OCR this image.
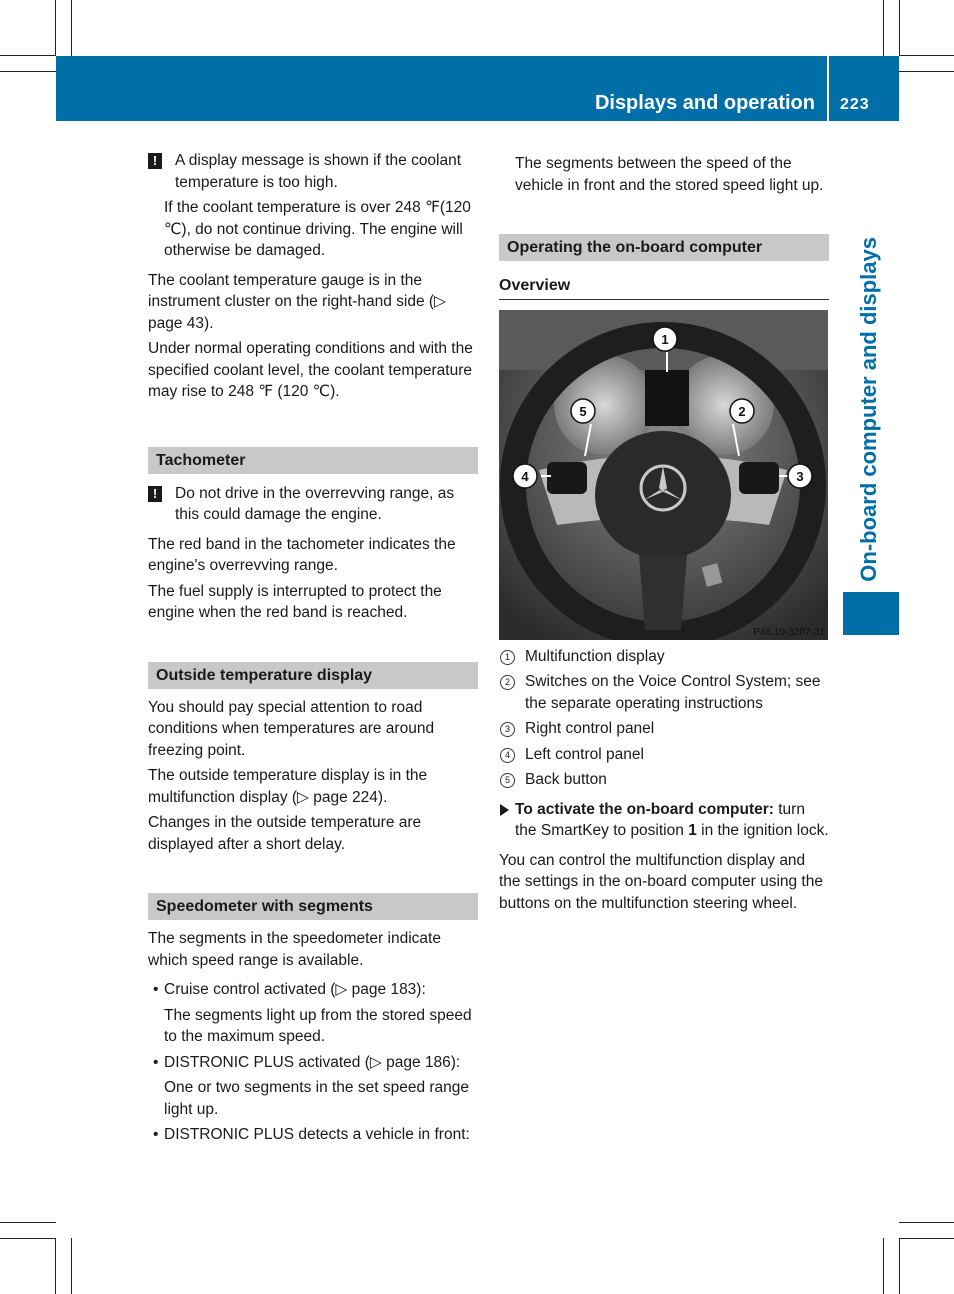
Displays and operation 223
On-board computer and displays
!	A display message is shown if the coolant temperature is too high.

If the coolant temperature is over 248 ℉(120 ℃), do not continue driving. The engine will otherwise be damaged.

The coolant temperature gauge is in the instrument cluster on the right-hand side (▷ page 43).

Under normal operating conditions and with the specified coolant level, the coolant temperature may rise to 248 ℉ (120 ℃).

Tachometer
!	Do not drive in the overrevving range, as this could damage the engine.

The red band in the tachometer indicates the engine's overrevving range.

The fuel supply is interrupted to protect the engine when the red band is reached.

Outside temperature display

You should pay special attention to road conditions when temperatures are around freezing point.

The outside temperature display is in the multifunction display (▷ page 224).

Changes in the outside temperature are displayed after a short delay.

Speedometer with segments

The segments in the speedometer indicate which speed range is available.

• Cruise control activated (▷ page 183):

The segments light up from the stored speed to the maximum speed.

• DISTRONIC PLUS activated (▷ page 186):

One or two segments in the set speed range light up.

• DISTRONIC PLUS detects a vehicle in front:

The segments between the speed of the vehicle in front and the stored speed light up.

Operating the on-board computer
Overview
1
2
3
4
5
P46.10-3207-31
1 Multifunction display
2 Switches on the Voice Control System; see the separate operating instructions
3 Right control panel
4 Left control panel
5 Back button
To activate the on-board computer: turn the SmartKey to position 1 in the ignition lock.

You can control the multifunction display and the settings in the on-board computer using the buttons on the multifunction steering wheel.
